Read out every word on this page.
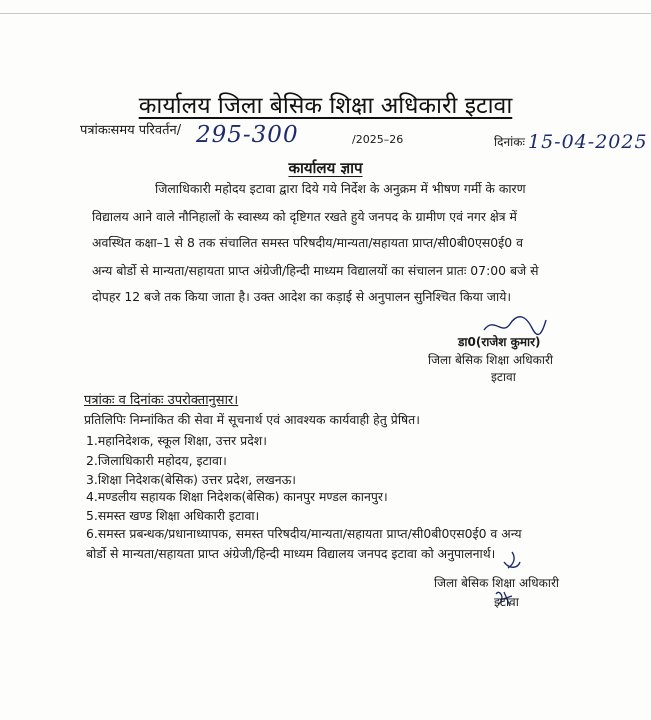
कार्यालय जिला बेसिक शिक्षा अधिकारी इटावा
पत्रांकःसमय परिवर्तन/ 295-300	/2025–26	दिनांकः 15-04-2025
कार्यालय ज्ञाप
जिलाधिकारी महोदय इटावा द्वारा दिये गये निर्देश के अनुक्रम में भीषण गर्मी के कारण
विद्यालय आने वाले नौनिहालों के स्वास्थ्य को दृष्टिगत रखते हुये जनपद के ग्रामीण एवं नगर क्षेत्र में
अवस्थित कक्षा–1 से 8 तक संचालित समस्त परिषदीय/मान्यता/सहायता प्राप्त/सी0बी0एस0ई0 व
अन्य बोर्डो से मान्यता/सहायता प्राप्त अंग्रेजी/हिन्दी माध्यम विद्यालयों का संचालन प्रातः 07:00 बजे से
दोपहर 12 बजे तक किया जाता है। उक्त आदेश का कड़ाई से अनुपालन सुनिश्चित किया जाये।
डा0(राजेश कुमार)
जिला बेसिक शिक्षा अधिकारी
इटावा
पत्रांकः व दिनांकः उपरोक्तानुसार।
प्रतिलिपिः निम्नांकित की सेवा में सूचनार्थ एवं आवश्यक कार्यवाही हेतु प्रेषित।
1.महानिदेशक, स्कूल शिक्षा, उत्तर प्रदेश।
2.जिलाधिकारी महोदय, इटावा।
3.शिक्षा निदेशक(बेसिक) उत्तर प्रदेश, लखनऊ।
4.मण्डलीय सहायक शिक्षा निदेशक(बेसिक) कानपुर मण्डल कानपुर।
5.समस्त खण्ड शिक्षा अधिकारी इटावा।
6.समस्त प्रबन्धक/प्रधानाध्यापक, समस्त परिषदीय/मान्यता/सहायता प्राप्त/सी0बी0एस0ई0 व अन्य
बोर्डो से मान्यता/सहायता प्राप्त अंग्रेजी/हिन्दी माध्यम विद्यालय जनपद इटावा को अनुपालनार्थ।
जिला बेसिक शिक्षा अधिकारी
इटावा
